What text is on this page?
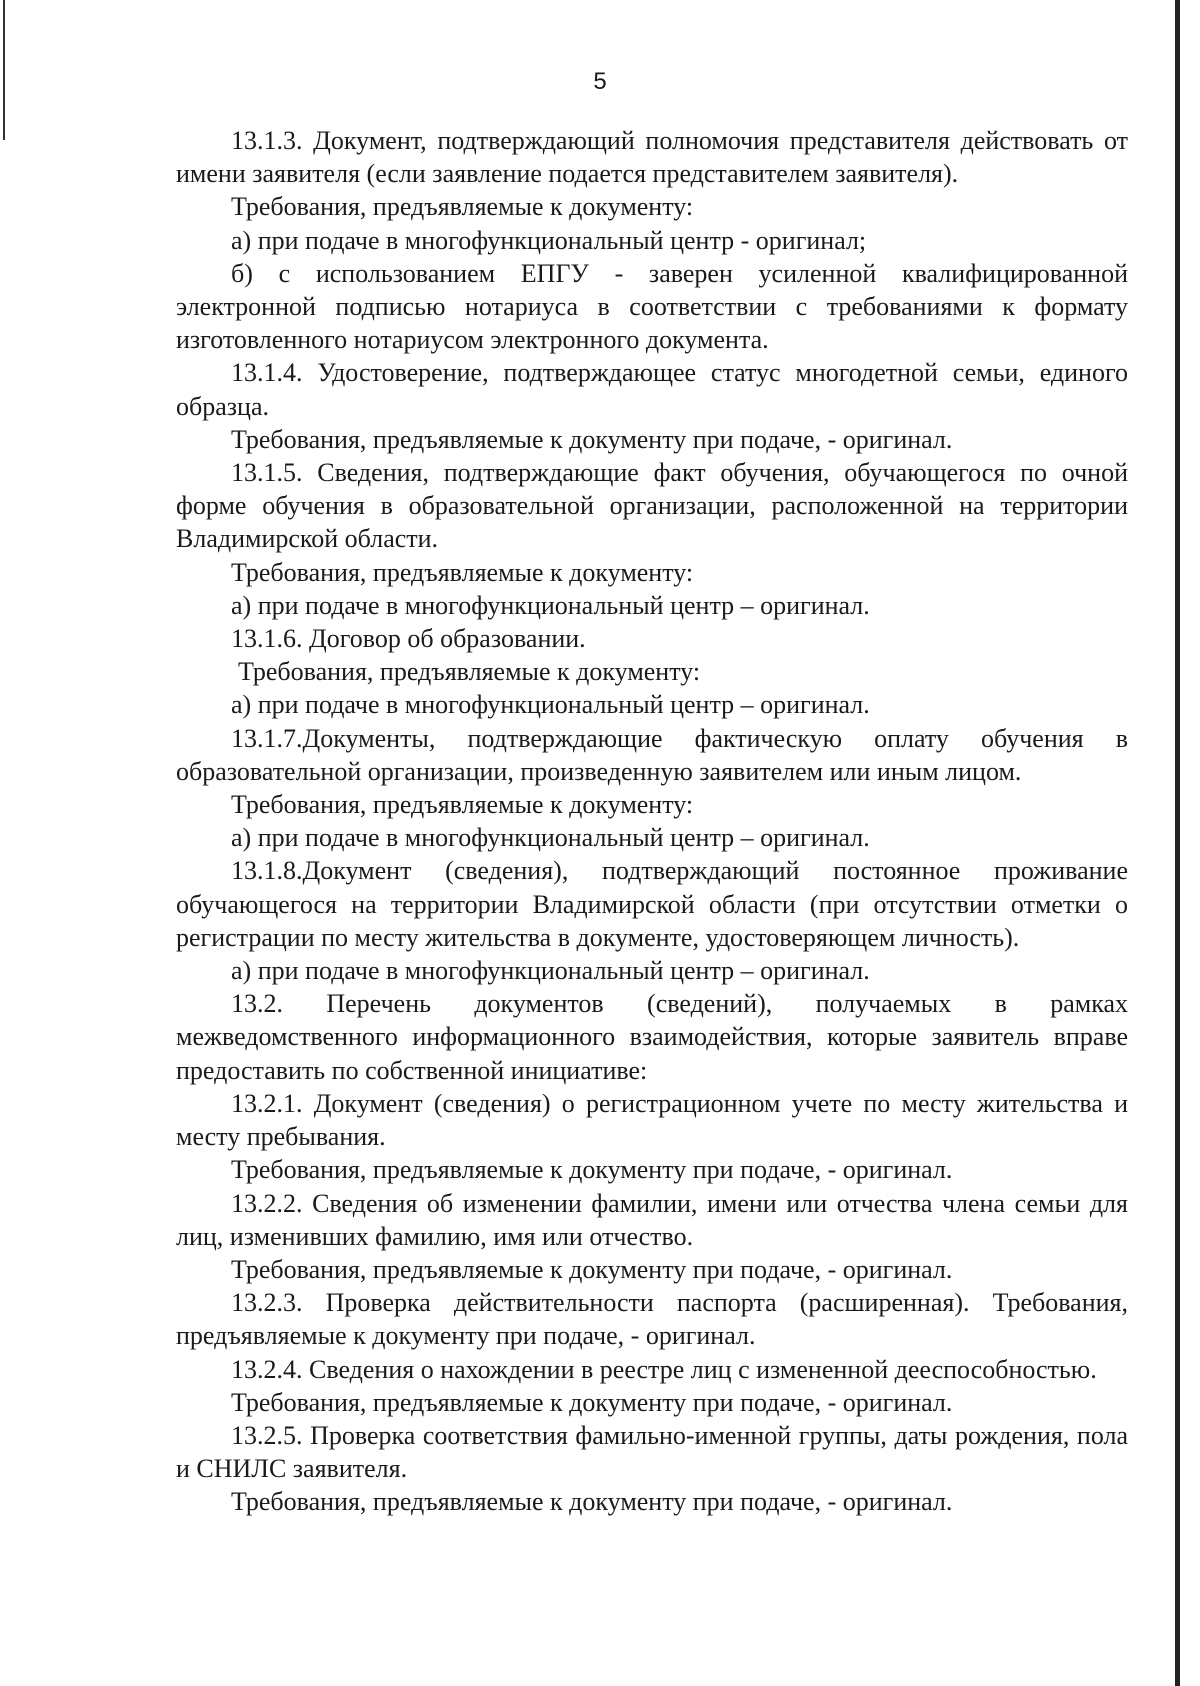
5

13.1.3. Документ, подтверждающий полномочия представителя действовать от имени заявителя (если заявление подается представителем заявителя).

Требования, предъявляемые к документу:

а) при подаче в многофункциональный центр - оригинал;

б) с использованием ЕПГУ - заверен усиленной квалифицированной электронной подписью нотариуса в соответствии с требованиями к формату изготовленного нотариусом электронного документа.

13.1.4. Удостоверение, подтверждающее статус многодетной семьи, единого образца.

Требования, предъявляемые к документу при подаче, - оригинал.

13.1.5. Сведения, подтверждающие факт обучения, обучающегося по очной форме обучения в образовательной организации, расположенной на территории Владимирской области.

Требования, предъявляемые к документу:

а) при подаче в многофункциональный центр – оригинал.

13.1.6. Договор об образовании.

Требования, предъявляемые к документу:

а) при подаче в многофункциональный центр – оригинал.

13.1.7.Документы, подтверждающие фактическую оплату обучения в образовательной организации, произведенную заявителем или иным лицом.

Требования, предъявляемые к документу:

а) при подаче в многофункциональный центр – оригинал.

13.1.8.Документ (сведения), подтверждающий постоянное проживание обучающегося на территории Владимирской области (при отсутствии отметки о регистрации по месту жительства в документе, удостоверяющем личность).

а) при подаче в многофункциональный центр – оригинал.

13.2. Перечень документов (сведений), получаемых в рамках межведомственного информационного взаимодействия, которые заявитель вправе предоставить по собственной инициативе:

13.2.1. Документ (сведения) о регистрационном учете по месту жительства и месту пребывания.

Требования, предъявляемые к документу при подаче, - оригинал.

13.2.2. Сведения об изменении фамилии, имени или отчества члена семьи для лиц, изменивших фамилию, имя или отчество.

Требования, предъявляемые к документу при подаче, - оригинал.

13.2.3. Проверка действительности паспорта (расширенная). Требования, предъявляемые к документу при подаче, - оригинал.

13.2.4. Сведения о нахождении в реестре лиц с измененной дееспособностью.

Требования, предъявляемые к документу при подаче, - оригинал.

13.2.5. Проверка соответствия фамильно-именной группы, даты рождения, пола и СНИЛС заявителя.

Требования, предъявляемые к документу при подаче, - оригинал.
